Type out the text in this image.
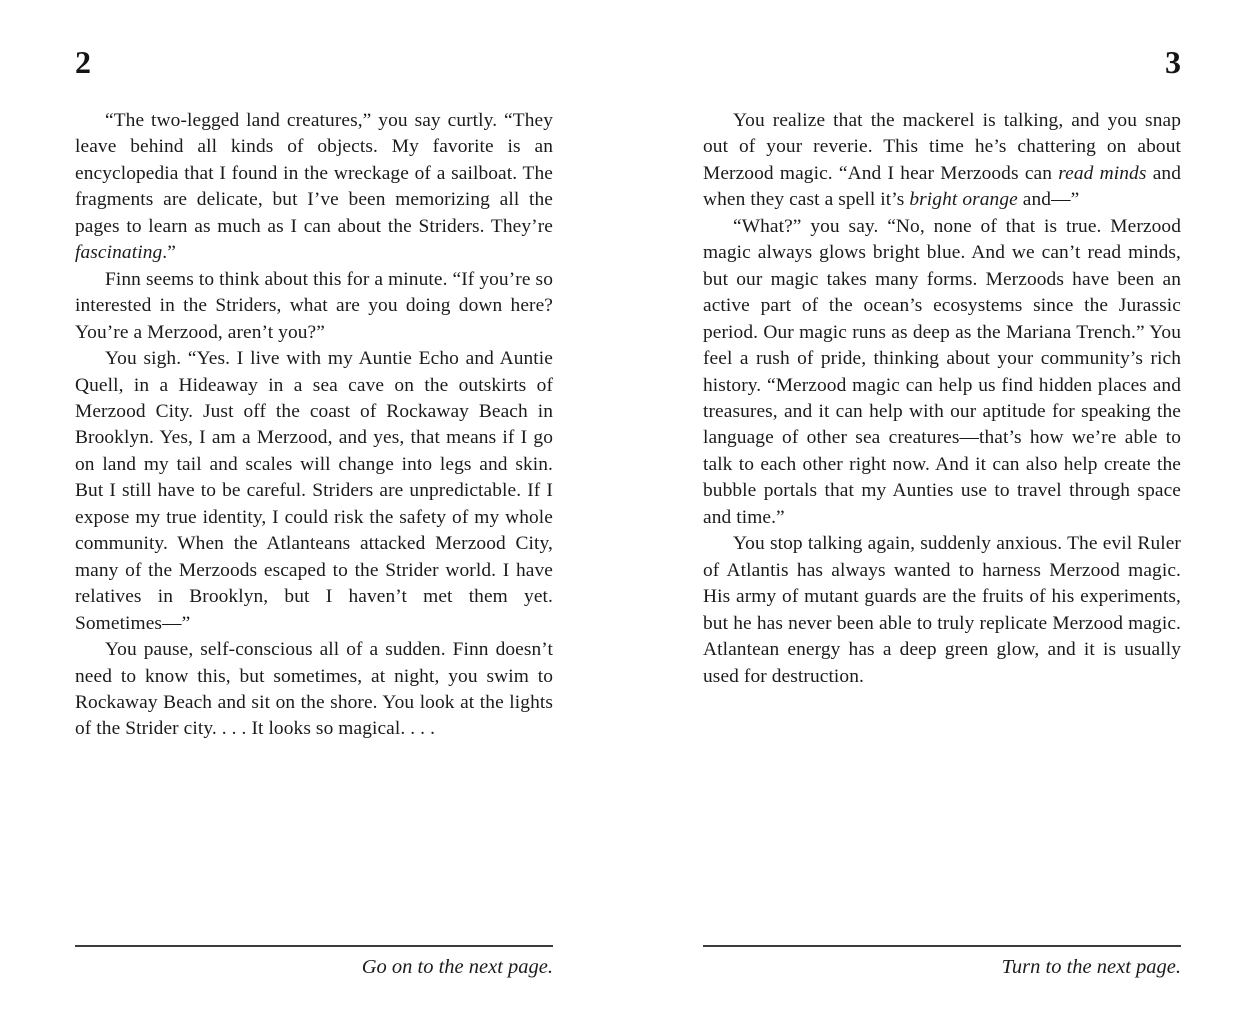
2

“The two-legged land creatures,” you say curtly. “They leave behind all kinds of objects. My favorite is an encyclopedia that I found in the wreckage of a sailboat. The fragments are delicate, but I’ve been memorizing all the pages to learn as much as I can about the Striders. They’re fascinating.”

Finn seems to think about this for a minute. “If you’re so interested in the Striders, what are you doing down here? You’re a Merzood, aren’t you?”

You sigh. “Yes. I live with my Auntie Echo and Auntie Quell, in a Hideaway in a sea cave on the outskirts of Merzood City. Just off the coast of Rockaway Beach in Brooklyn. Yes, I am a Merzood, and yes, that means if I go on land my tail and scales will change into legs and skin. But I still have to be careful. Striders are unpredictable. If I expose my true identity, I could risk the safety of my whole community. When the Atlanteans attacked Merzood City, many of the Merzoods escaped to the Strider world. I have relatives in Brooklyn, but I haven’t met them yet. Sometimes—”

You pause, self-conscious all of a sudden. Finn doesn’t need to know this, but sometimes, at night, you swim to Rockaway Beach and sit on the shore. You look at the lights of the Strider city. . . . It looks so magical. . . .

Go on to the next page.
3

You realize that the mackerel is talking, and you snap out of your reverie. This time he’s chattering on about Merzood magic. “And I hear Merzoods can read minds and when they cast a spell it’s bright orange and—”

“What?” you say. “No, none of that is true. Merzood magic always glows bright blue. And we can’t read minds, but our magic takes many forms. Merzoods have been an active part of the ocean’s ecosystems since the Jurassic period. Our magic runs as deep as the Mariana Trench.” You feel a rush of pride, thinking about your community’s rich history. “Merzood magic can help us find hidden places and treasures, and it can help with our aptitude for speaking the language of other sea creatures—that’s how we’re able to talk to each other right now. And it can also help create the bubble portals that my Aunties use to travel through space and time.”

You stop talking again, suddenly anxious. The evil Ruler of Atlantis has always wanted to harness Merzood magic. His army of mutant guards are the fruits of his experiments, but he has never been able to truly replicate Merzood magic. Atlantean energy has a deep green glow, and it is usually used for destruction.

Turn to the next page.
